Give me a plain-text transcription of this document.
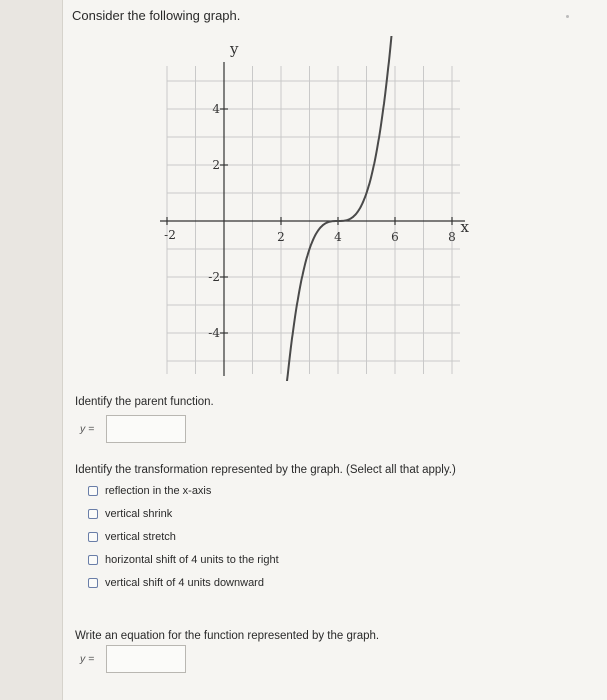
Consider the following graph.
y
x
-2	2	4	6	8
4
2
-2
-4
Identify the parent function.
y =
Identify the transformation represented by the graph. (Select all that apply.)
reflection in the x-axis
vertical shrink
vertical stretch
horizontal shift of 4 units to the right
vertical shift of 4 units downward
Write an equation for the function represented by the graph.
y =
